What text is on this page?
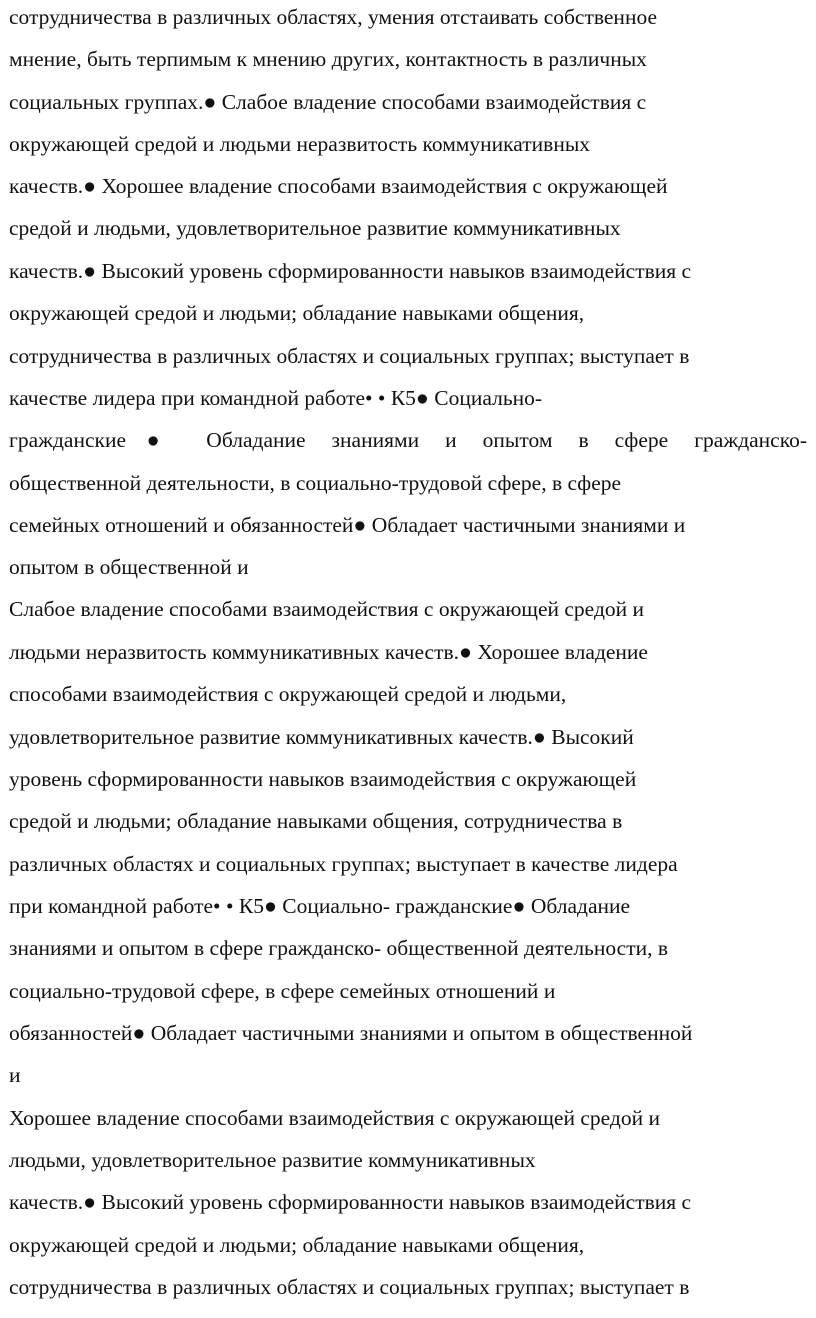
сотрудничества в различных областях, умения отстаивать собственное
мнение, быть терпимым к мнению других, контактность в различных
социальных группах.● Слабое владение способами взаимодействия с
окружающей средой и людьми неразвитость коммуникативных
качеств.● Хорошее владение способами взаимодействия с окружающей
средой и людьми, удовлетворительное развитие коммуникативных
качеств.● Высокий уровень сформированности навыков взаимодействия с
окружающей средой и людьми; обладание навыками общения,
сотрудничества в различных областях и социальных группах; выступает в
качестве лидера при командной работе• • К5● Социально-
гражданские● Обладание знаниями и опытом в сфере гражданско-
общественной деятельности, в социально-трудовой сфере, в сфере
семейных отношений и обязанностей● Обладает частичными знаниями и
опытом в общественной и
Слабое владение способами взаимодействия с окружающей средой и
людьми неразвитость коммуникативных качеств.● Хорошее владение
способами взаимодействия с окружающей средой и людьми,
удовлетворительное развитие коммуникативных качеств.● Высокий
уровень сформированности навыков взаимодействия с окружающей
средой и людьми; обладание навыками общения, сотрудничества в
различных областях и социальных группах; выступает в качестве лидера
при командной работе• • К5● Социально- гражданские● Обладание
знаниями и опытом в сфере гражданско- общественной деятельности, в
социально-трудовой сфере, в сфере семейных отношений и
обязанностей● Обладает частичными знаниями и опытом в общественной
и
Хорошее владение способами взаимодействия с окружающей средой и
людьми, удовлетворительное развитие коммуникативных
качеств.● Высокий уровень сформированности навыков взаимодействия с
окружающей средой и людьми; обладание навыками общения,
сотрудничества в различных областях и социальных группах; выступает в
